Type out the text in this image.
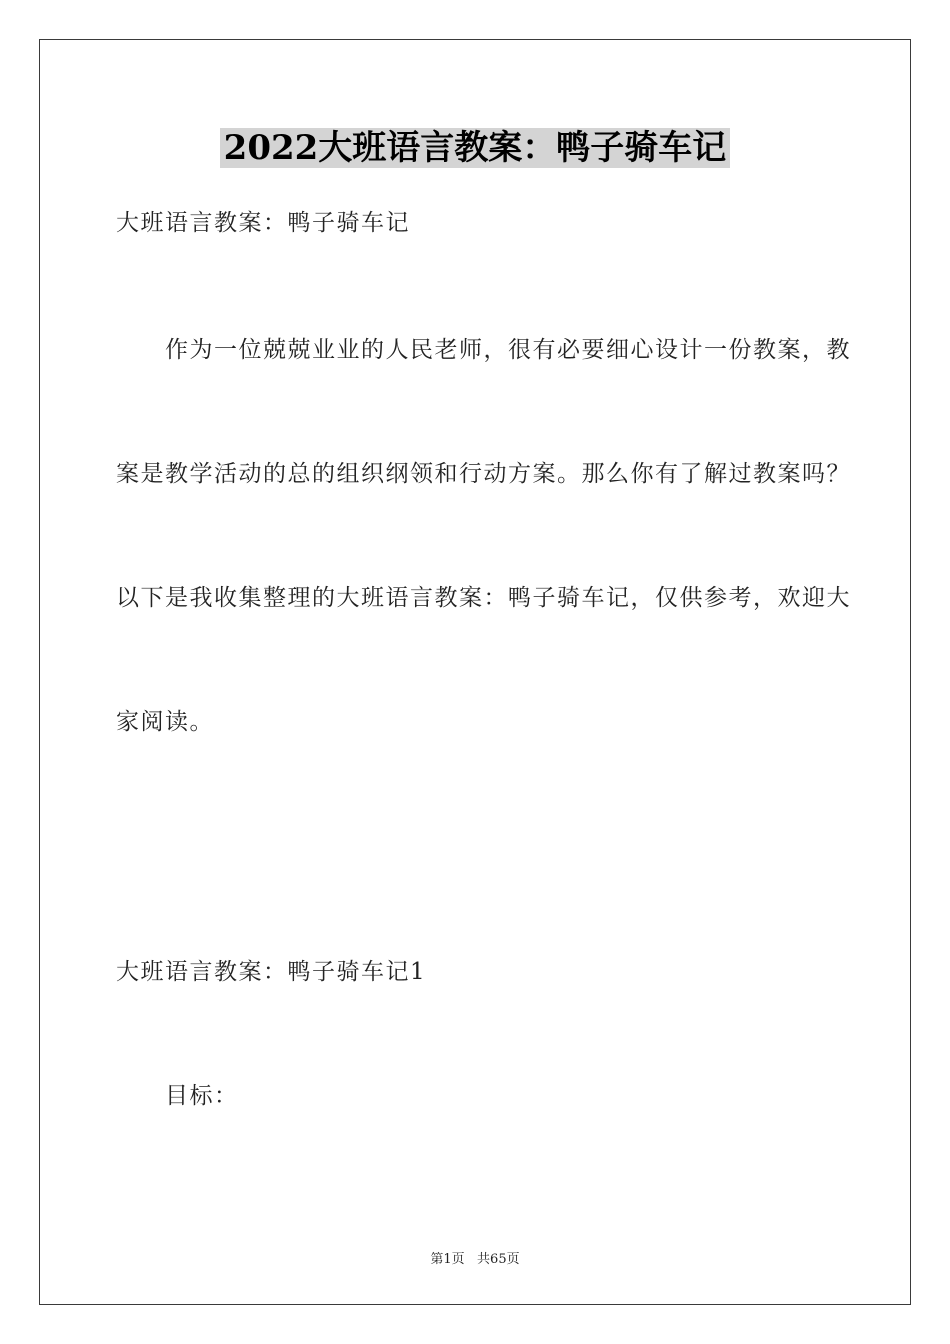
2022大班语言教案：鸭子骑车记
大班语言教案：鸭子骑车记
作为一位兢兢业业的人民老师，很有必要细心设计一份教案，教
案是教学活动的总的组织纲领和行动方案。那么你有了解过教案吗？
以下是我收集整理的大班语言教案：鸭子骑车记，仅供参考，欢迎大
家阅读。
大班语言教案：鸭子骑车记1
目标：
第1页   共65页
